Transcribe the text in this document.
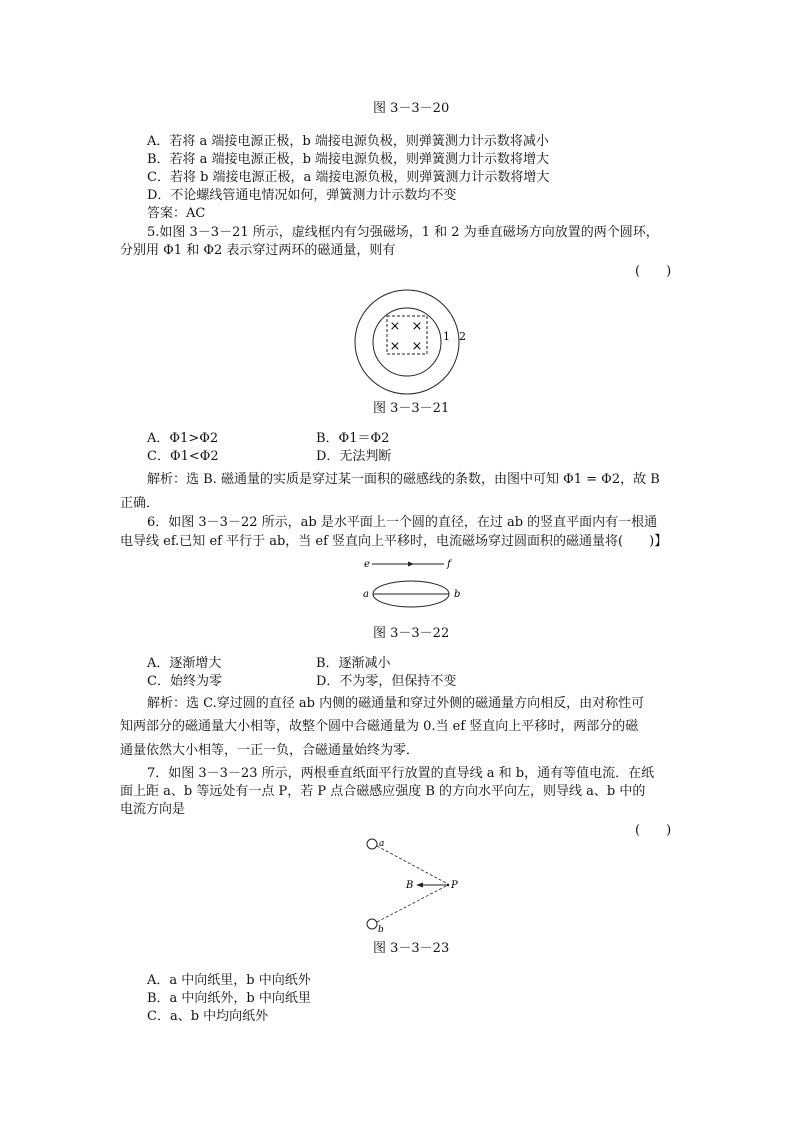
图 3－3－20
A．若将 a 端接电源正极，b 端接电源负极，则弹簧测力计示数将减小
B．若将 a 端接电源正极，b 端接电源负极，则弹簧测力计示数将增大
C．若将 b 端接电源正极，a 端接电源负极，则弹簧测力计示数将增大
D．不论螺线管通电情况如何，弹簧测力计示数均不变
答案：AC
5.如图 3－3－21 所示，虚线框内有匀强磁场，1 和 2 为垂直磁场方向放置的两个圆环，
分别用 Φ1 和 Φ2 表示穿过两环的磁通量，则有
(　　)
× ×
× ×
1 2
图 3－3－21
A．Φ1>Φ2	B．Φ1＝Φ2
C．Φ1<Φ2	D．无法判断
解析：选 B. 磁通量的实质是穿过某一面积的磁感线的条数，由图中可知 Φ1 = Φ2，故 B
正确．
6．如图 3－3－22 所示，ab 是水平面上一个圆的直径，在过 ab 的竖直平面内有一根通
电导线 ef.已知 ef 平行于 ab，当 ef 竖直向上平移时，电流磁场穿过圆面积的磁通量将(　　)】
e	f
a	b
图 3－3－22
A．逐渐增大	B．逐渐减小
C．始终为零	D．不为零，但保持不变
解析：选 C.穿过圆的直径 ab 内侧的磁通量和穿过外侧的磁通量方向相反，由对称性可
知两部分的磁通量大小相等，故整个圆中合磁通量为 0.当 ef 竖直向上平移时，两部分的磁
通量依然大小相等，一正一负，合磁通量始终为零．
7．如图 3－3－23 所示，两根垂直纸面平行放置的直导线 a 和 b，通有等值电流．在纸
面上距 a、b 等远处有一点 P，若 P 点合磁感应强度 B 的方向水平向左，则导线 a、b 中的
电流方向是
(　　)
a
b
B	P
图 3－3－23
A．a 中向纸里，b 中向纸外
B．a 中向纸外，b 中向纸里
C．a、b 中均向纸外
